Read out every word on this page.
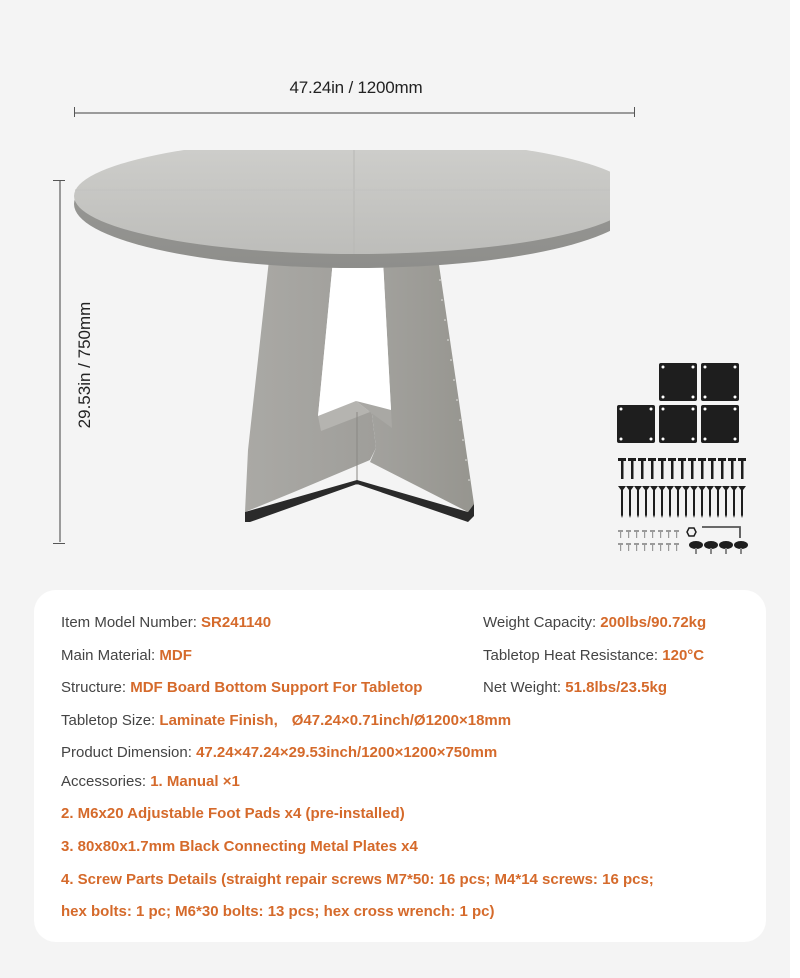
47.24in / 1200mm
29.53in / 750mm
Item Model Number: SR241140
Main Material: MDF
Structure: MDF Board Bottom Support For Tabletop
Weight Capacity: 200lbs/90.72kg
Tabletop Heat Resistance: 120°C
Net Weight: 51.8lbs/23.5kg
Tabletop Size: Laminate Finish, Ø47.24×0.71inch/Ø1200×18mm
Product Dimension: 47.24×47.24×29.53inch/1200×1200×750mm
Accessories: 1. Manual ×1
2. M6x20 Adjustable Foot Pads x4 (pre-installed)
3. 80x80x1.7mm Black Connecting Metal Plates x4
4. Screw Parts Details (straight repair screws M7*50: 16 pcs; M4*14 screws: 16 pcs;
hex bolts: 1 pc; M6*30 bolts: 13 pcs; hex cross wrench: 1 pc)
